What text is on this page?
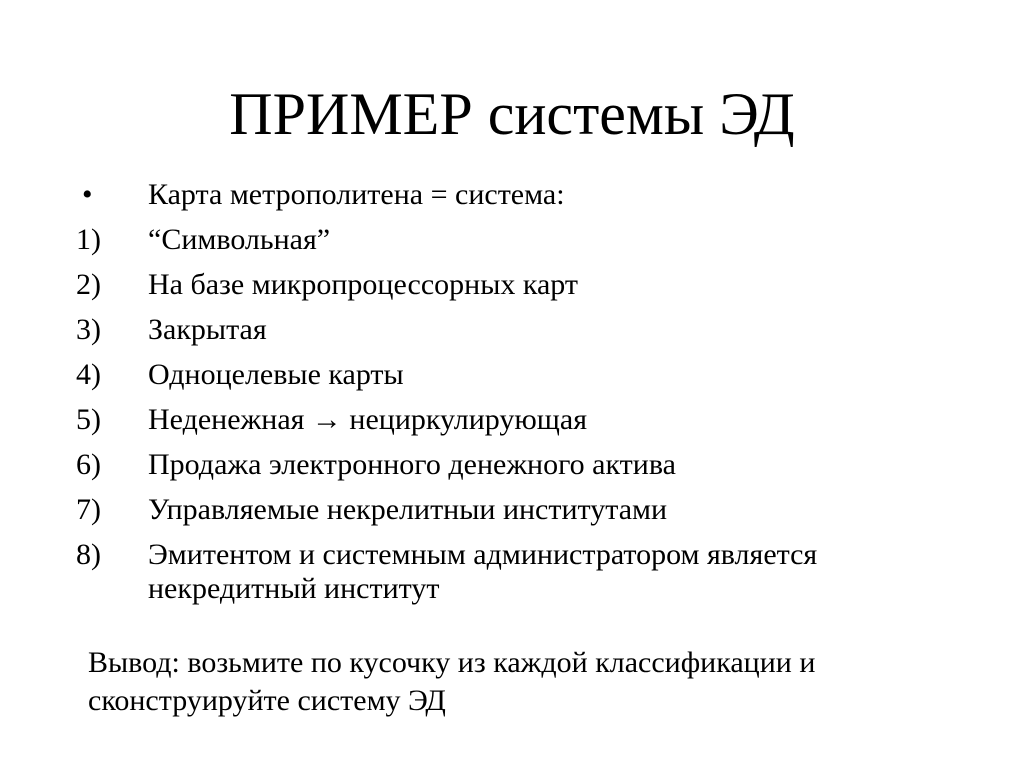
ПРИМЕР системы ЭД
•	Карта метрополитена = система:
1)	“Символьная”
2)	На базе микропроцессорных карт
3)	Закрытая
4)	Одноцелевые карты
5)	Неденежная → нециркулирующая
6)	Продажа электронного денежного актива
7)	Управляемые некрелитныи институтами
8)	Эмитентом и системным администратором является некредитный институт

Вывод: возьмите по кусочку из каждой классификации и сконструируйте систему ЭД
